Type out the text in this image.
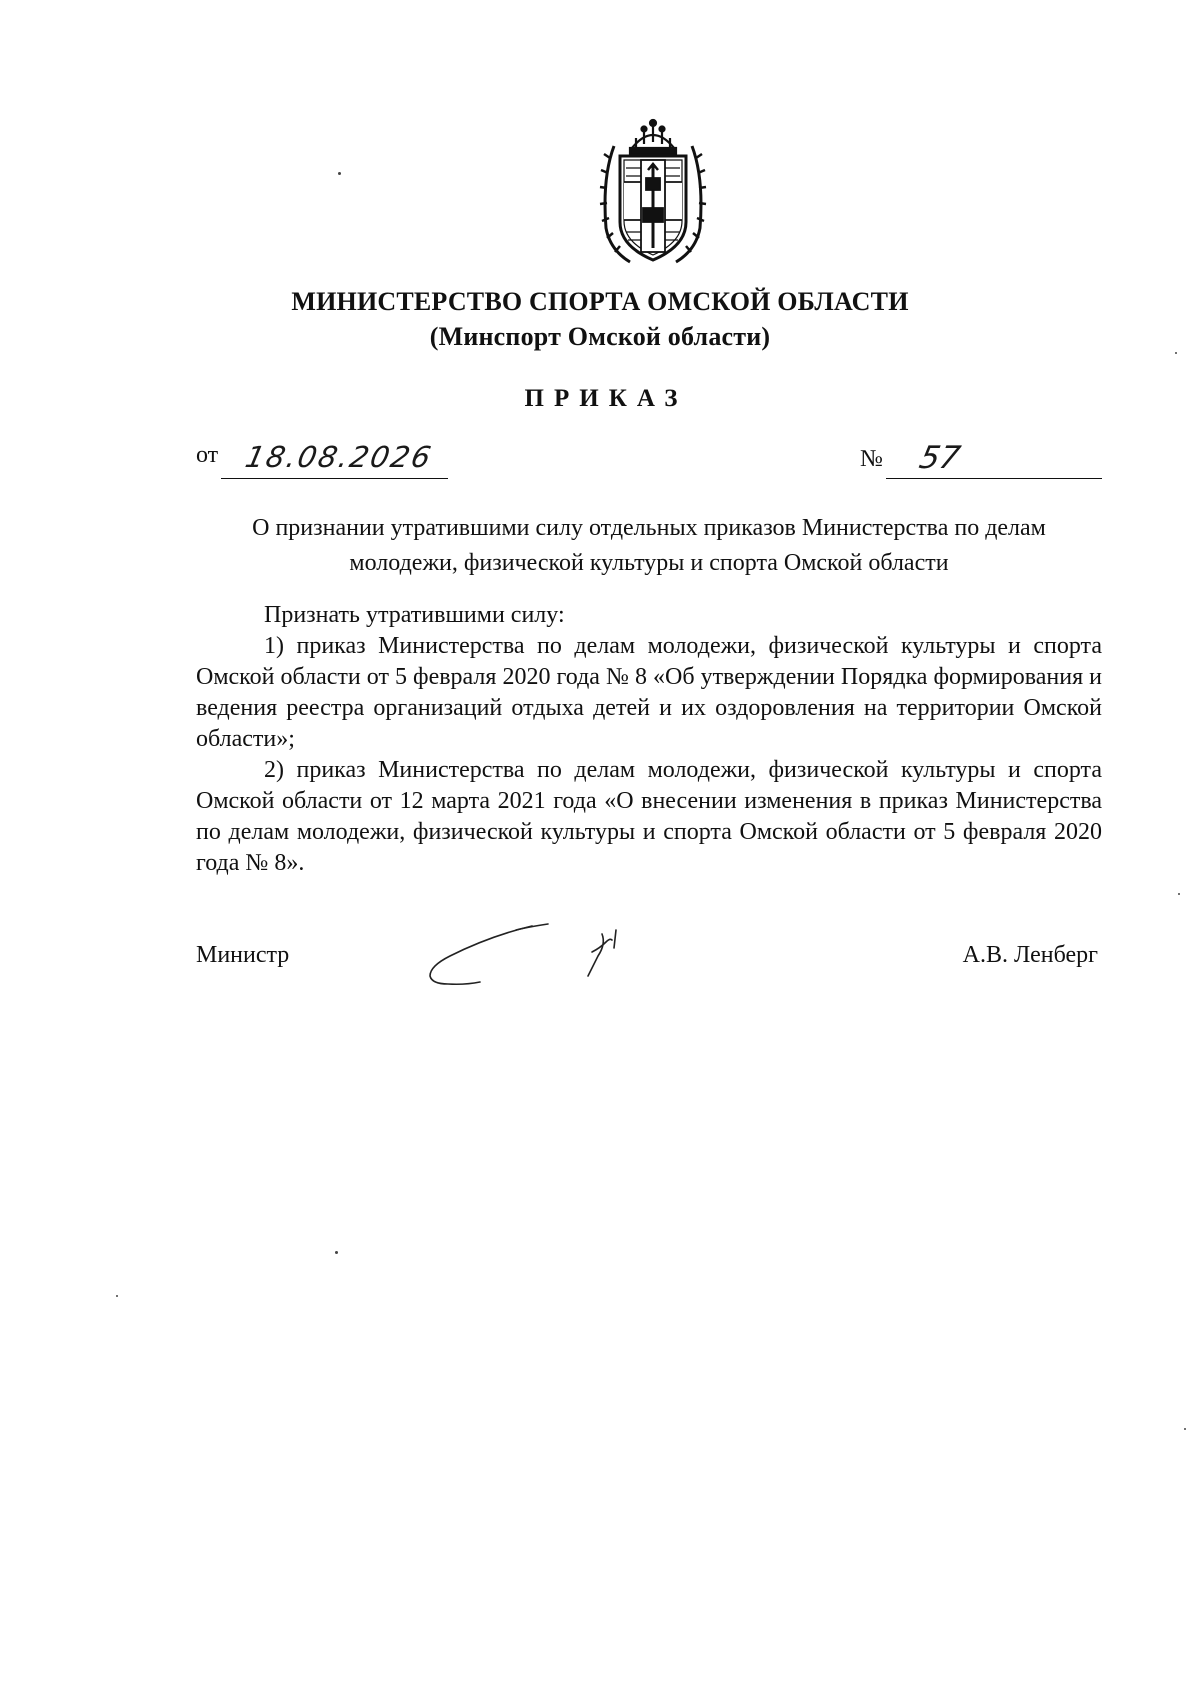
МИНИСТЕРСТВО СПОРТА ОМСКОЙ ОБЛАСТИ
(Минспорт Омской области)
ПРИКАЗ
от 18.08.2026	№ 57
О признании утратившими силу отдельных приказов Министерства по делам молодежи, физической культуры и спорта Омской области

Признать утратившими силу:

1) приказ Министерства по делам молодежи, физической культуры и спорта Омской области от 5 февраля 2020 года № 8 «Об утверждении Порядка формирования и ведения реестра организаций отдыха детей и их оздоровления на территории Омской области»;

2) приказ Министерства по делам молодежи, физической культуры и спорта Омской области от 12 марта 2021 года «О внесении изменения в приказ Министерства по делам молодежи, физической культуры и спорта Омской области от 5 февраля 2020 года № 8».

Министр	А.В. Ленберг
